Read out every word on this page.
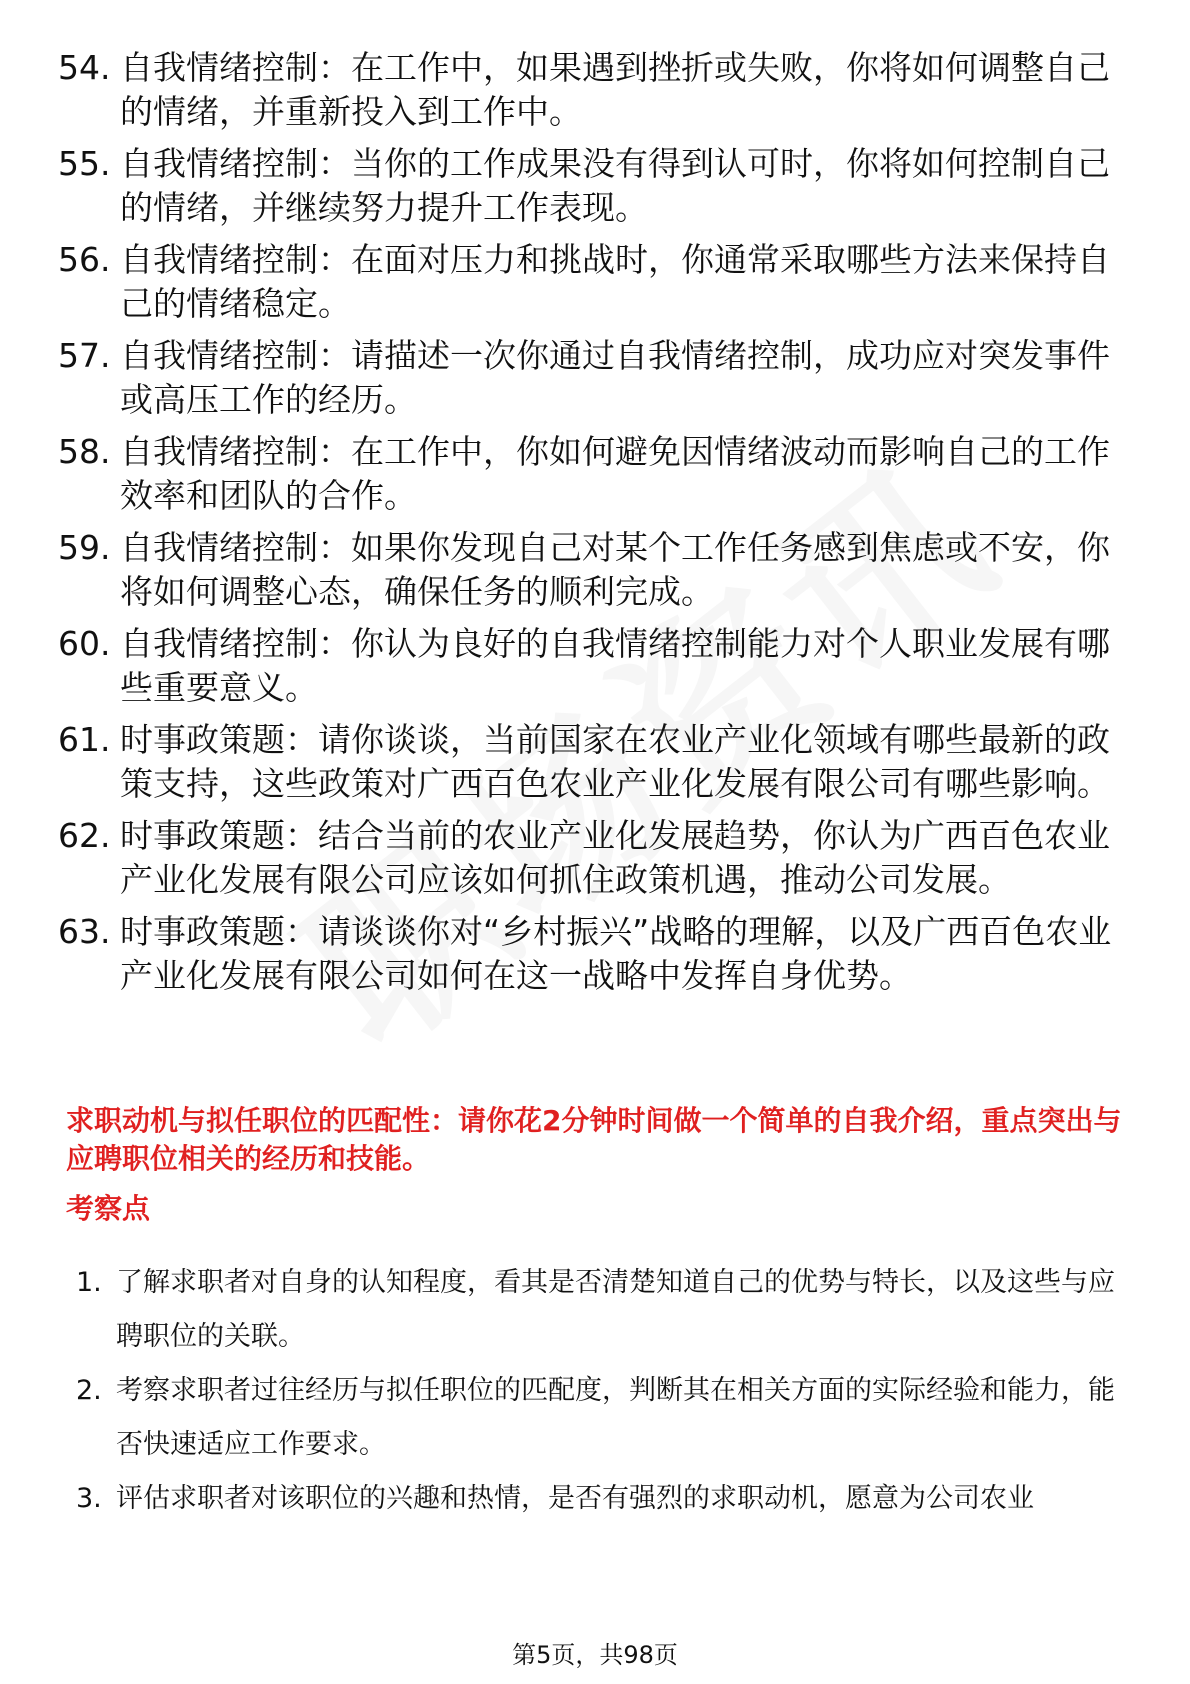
54. 自我情绪控制：在工作中，如果遇到挫折或失败，你将如何调整自己的情绪，并重新投入到工作中。
55. 自我情绪控制：当你的工作成果没有得到认可时，你将如何控制自己的情绪，并继续努力提升工作表现。
56. 自我情绪控制：在面对压力和挑战时，你通常采取哪些方法来保持自己的情绪稳定。
57. 自我情绪控制：请描述一次你通过自我情绪控制，成功应对突发事件或高压工作的经历。
58. 自我情绪控制：在工作中，你如何避免因情绪波动而影响自己的工作效率和团队的合作。
59. 自我情绪控制：如果你发现自己对某个工作任务感到焦虑或不安，你将如何调整心态，确保任务的顺利完成。
60. 自我情绪控制：你认为良好的自我情绪控制能力对个人职业发展有哪些重要意义。
61. 时事政策题：请你谈谈，当前国家在农业产业化领域有哪些最新的政策支持，这些政策对广西百色农业产业化发展有限公司有哪些影响。
62. 时事政策题：结合当前的农业产业化发展趋势，你认为广西百色农业产业化发展有限公司应该如何抓住政策机遇，推动公司发展。
63. 时事政策题：请谈谈你对“乡村振兴”战略的理解，以及广西百色农业产业化发展有限公司如何在这一战略中发挥自身优势。
求职动机与拟任职位的匹配性：请你花2分钟时间做一个简单的自我介绍，重点突出与应聘职位相关的经历和技能。
考察点
1. 了解求职者对自身的认知程度，看其是否清楚知道自己的优势与特长，以及这些与应聘职位的关联。
2. 考察求职者过往经历与拟任职位的匹配度，判断其在相关方面的实际经验和能力，能否快速适应工作要求。
3. 评估求职者对该职位的兴趣和热情，是否有强烈的求职动机，愿意为公司农业
第5页，共98页
